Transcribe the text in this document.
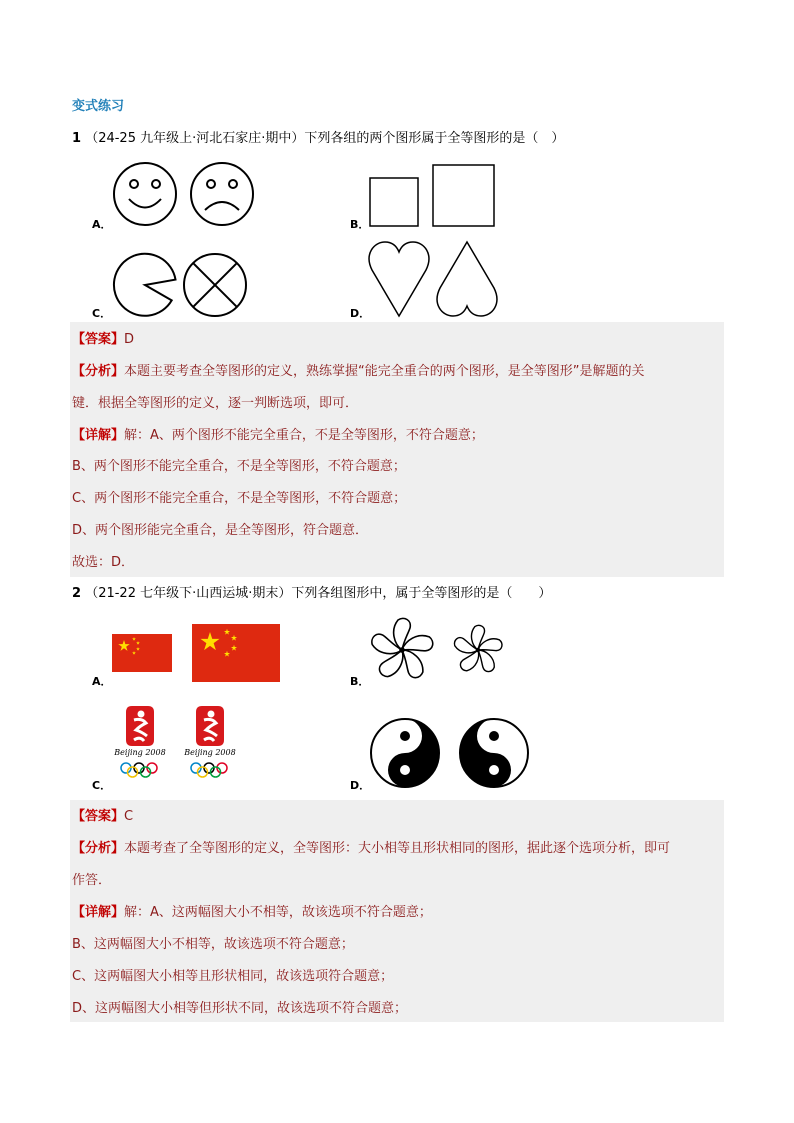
变式练习
1 （24-25 九年级上·河北石家庄·期中）下列各组的两个图形属于全等图形的是（　）
A．	B．
C．	D．
【答案】D
【分析】本题主要考查全等图形的定义，熟练掌握“能完全重合的两个图形，是全等图形”是解题的关
键．根据全等图形的定义，逐一判断选项，即可．
【详解】解：A、两个图形不能完全重合，不是全等图形，不符合题意；
B、两个图形不能完全重合，不是全等图形，不符合题意；
C、两个图形不能完全重合，不是全等图形，不符合题意；
D、两个图形能完全重合，是全等图形，符合题意．
故选：D．
2 （21-22 七年级下·山西运城·期末）下列各组图形中，属于全等图形的是（　　）
A．	B．
C．	D．
Beijing 2008 Beijing 2008
【答案】C
【分析】本题考查了全等图形的定义，全等图形：大小相等且形状相同的图形，据此逐个选项分析，即可
作答．
【详解】解：A、这两幅图大小不相等，故该选项不符合题意；
B、这两幅图大小不相等，故该选项不符合题意；
C、这两幅图大小相等且形状相同，故该选项符合题意；
D、这两幅图大小相等但形状不同，故该选项不符合题意；
